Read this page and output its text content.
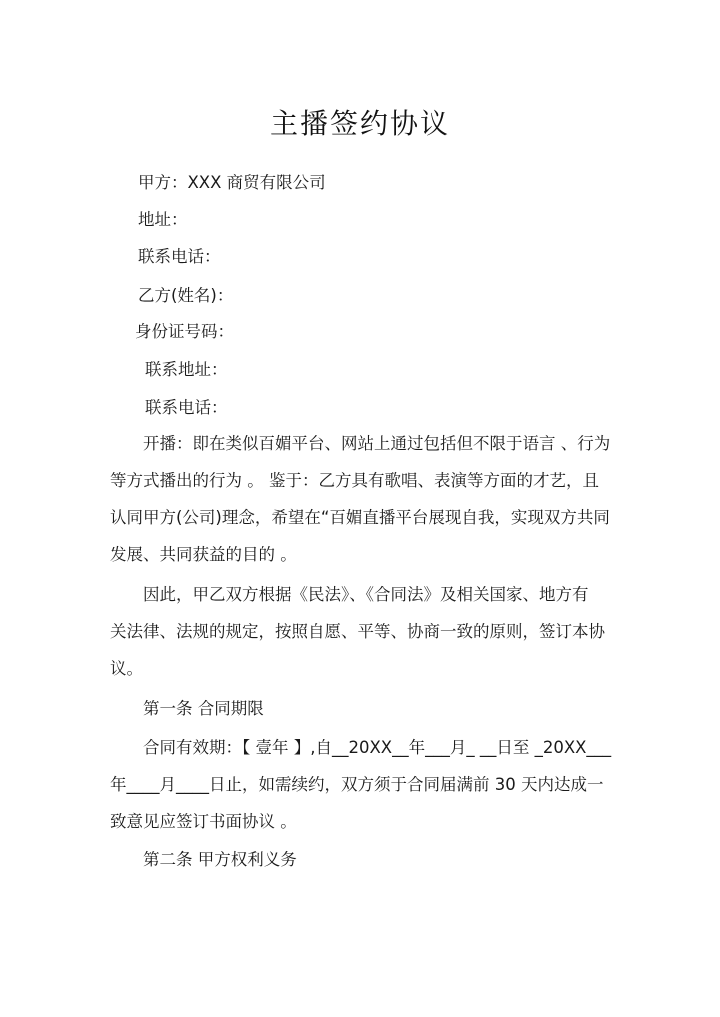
主播签约协议
甲方：XXX 商贸有限公司
地址：
联系电话：
乙方(姓名)：
身份证号码：
联系地址：
联系电话：
开播：即在类似百媚平台、网站上通过包括但不限于语言 、行为
等方式播出的行为 。 鉴于：乙方具有歌唱、表演等方面的才艺，且
认同甲方(公司)理念，希望在“百媚直播平台展现自我，实现双方共同
发展、共同获益的目的 。
因此，甲乙双方根据《民法》、《合同法》及相关国家、地方有
关法律、法规的规定，按照自愿、平等、协商一致的原则，签订本协
议。
第一条 合同期限
合同有效期：【 壹年 】,自__20XX__年___月_ __日至 _20XX___
年____月____日止，如需续约，双方须于合同届满前 30 天内达成一
致意见应签订书面协议 。
第二条 甲方权利义务
